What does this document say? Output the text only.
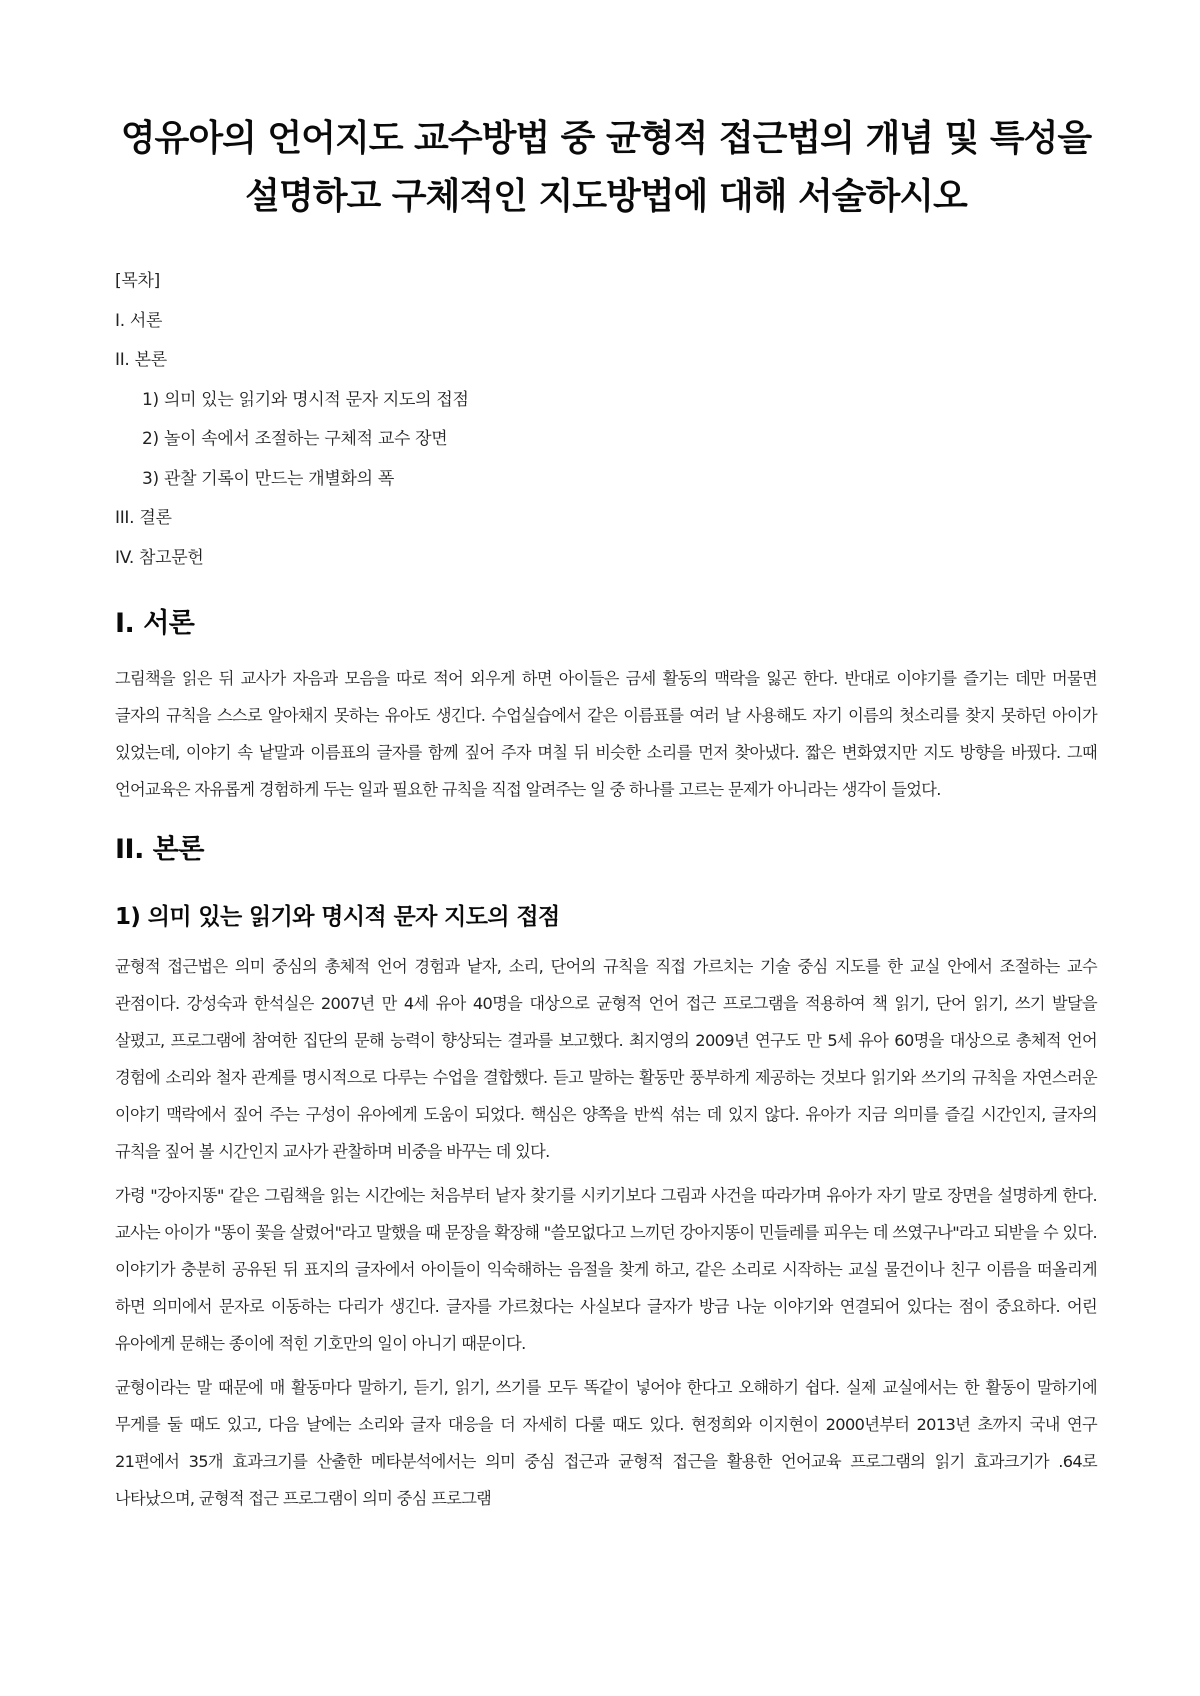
영유아의 언어지도 교수방법 중 균형적 접근법의 개념 및 특성을 설명하고 구체적인 지도방법에 대해 서술하시오
[목차]
I. 서론
II. 본론
1) 의미 있는 읽기와 명시적 문자 지도의 접점
2) 놀이 속에서 조절하는 구체적 교수 장면
3) 관찰 기록이 만드는 개별화의 폭
III. 결론
IV. 참고문헌
I. 서론

그림책을 읽은 뒤 교사가 자음과 모음을 따로 적어 외우게 하면 아이들은 금세 활동의 맥락을 잃곤 한다. 반대로 이야기를 즐기는 데만 머물면 글자의 규칙을 스스로 알아채지 못하는 유아도 생긴다. 수업실습에서 같은 이름표를 여러 날 사용해도 자기 이름의 첫소리를 찾지 못하던 아이가 있었는데, 이야기 속 낱말과 이름표의 글자를 함께 짚어 주자 며칠 뒤 비슷한 소리를 먼저 찾아냈다. 짧은 변화였지만 지도 방향을 바꿨다. 그때 언어교육은 자유롭게 경험하게 두는 일과 필요한 규칙을 직접 알려주는 일 중 하나를 고르는 문제가 아니라는 생각이 들었다.

II. 본론
1) 의미 있는 읽기와 명시적 문자 지도의 접점

균형적 접근법은 의미 중심의 총체적 언어 경험과 낱자, 소리, 단어의 규칙을 직접 가르치는 기술 중심 지도를 한 교실 안에서 조절하는 교수 관점이다. 강성숙과 한석실은 2007년 만 4세 유아 40명을 대상으로 균형적 언어 접근 프로그램을 적용하여 책 읽기, 단어 읽기, 쓰기 발달을 살폈고, 프로그램에 참여한 집단의 문해 능력이 향상되는 결과를 보고했다. 최지영의 2009년 연구도 만 5세 유아 60명을 대상으로 총체적 언어 경험에 소리와 철자 관계를 명시적으로 다루는 수업을 결합했다. 듣고 말하는 활동만 풍부하게 제공하는 것보다 읽기와 쓰기의 규칙을 자연스러운 이야기 맥락에서 짚어 주는 구성이 유아에게 도움이 되었다. 핵심은 양쪽을 반씩 섞는 데 있지 않다. 유아가 지금 의미를 즐길 시간인지, 글자의 규칙을 짚어 볼 시간인지 교사가 관찰하며 비중을 바꾸는 데 있다.

가령 "강아지똥" 같은 그림책을 읽는 시간에는 처음부터 낱자 찾기를 시키기보다 그림과 사건을 따라가며 유아가 자기 말로 장면을 설명하게 한다. 교사는 아이가 "똥이 꽃을 살렸어"라고 말했을 때 문장을 확장해 "쓸모없다고 느끼던 강아지똥이 민들레를 피우는 데 쓰였구나"라고 되받을 수 있다. 이야기가 충분히 공유된 뒤 표지의 글자에서 아이들이 익숙해하는 음절을 찾게 하고, 같은 소리로 시작하는 교실 물건이나 친구 이름을 떠올리게 하면 의미에서 문자로 이동하는 다리가 생긴다. 글자를 가르쳤다는 사실보다 글자가 방금 나눈 이야기와 연결되어 있다는 점이 중요하다. 어린 유아에게 문해는 종이에 적힌 기호만의 일이 아니기 때문이다.

균형이라는 말 때문에 매 활동마다 말하기, 듣기, 읽기, 쓰기를 모두 똑같이 넣어야 한다고 오해하기 쉽다. 실제 교실에서는 한 활동이 말하기에 무게를 둘 때도 있고, 다음 날에는 소리와 글자 대응을 더 자세히 다룰 때도 있다. 현정희와 이지현이 2000년부터 2013년 초까지 국내 연구 21편에서 35개 효과크기를 산출한 메타분석에서는 의미 중심 접근과 균형적 접근을 활용한 언어교육 프로그램의 읽기 효과크기가 .64로 나타났으며, 균형적 접근 프로그램이 의미 중심 프로그램
